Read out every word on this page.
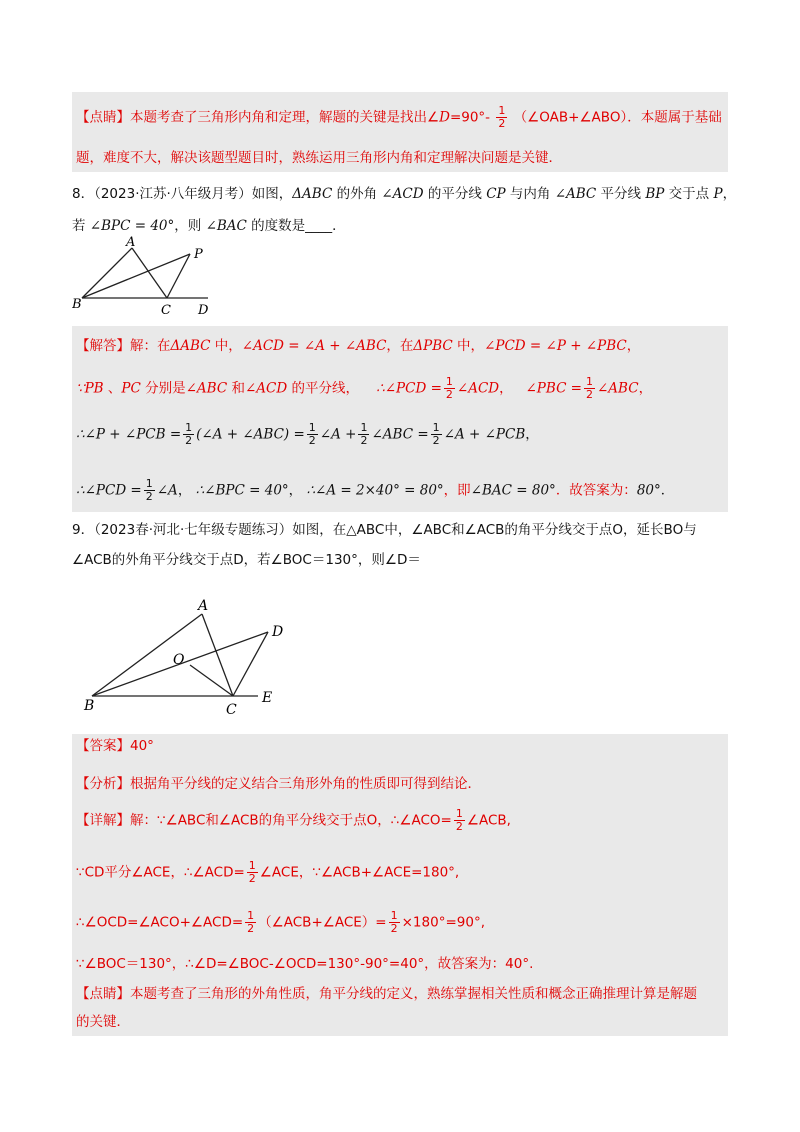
【点睛】本题考查了三角形内角和定理，解题的关键是找出∠D=90°- $\frac{1}{2}$ （∠OAB+∠ABO）．本题属于基础
题，难度不大，解决该题型题目时，熟练运用三角形内角和定理解决问题是关键．
8．（2023·江苏·八年级月考）如图，ΔABC 的外角 ∠ACD 的平分线 CP 与内角 ∠ABC 平分线 BP 交于点 P，
若 ∠BPC = 40°，则 ∠BAC 的度数是____．
A
P
B	C D
【解答】解：在ΔABC 中，∠ACD = ∠A + ∠ABC，在ΔPBC 中，∠PCD = ∠P + ∠PBC，
∵PB 、PC 分别是∠ABC 和∠ACD 的平分线， ∴∠PCD = $\frac{1}{2}$ ∠ACD， ∠PBC = $\frac{1}{2}$ ∠ABC，
∴∠P + ∠PCB = $\frac{1}{2}$ (∠A + ∠ABC) = $\frac{1}{2}$ ∠A + $\frac{1}{2}$ ∠ABC = $\frac{1}{2}$ ∠A + ∠PCB，
∴∠PCD = $\frac{1}{2}$ ∠A， ∴∠BPC = 40°， ∴∠A = 2×40° = 80°，即∠BAC = 80°．故答案为：80°．
9．（2023春·河北·七年级专题练习）如图，在△ABC中，∠ABC和∠ACB的角平分线交于点O，延长BO与
∠ACB的外角平分线交于点D，若∠BOC＝130°，则∠D＝
A
D
O
B	C
E
【答案】40°
【分析】根据角平分线的定义结合三角形外角的性质即可得到结论．
【详解】解：∵∠ABC和∠ACB的角平分线交于点O，∴∠ACO= $\frac{1}{2}$ ∠ACB,
∵CD平分∠ACE，∴∠ACD= $\frac{1}{2}$ ∠ACE，∵∠ACB+∠ACE=180°,
∴∠OCD=∠ACO+∠ACD= $\frac{1}{2}$ （∠ACB+∠ACE）= $\frac{1}{2} \times 180^\circ=90^\circ$,
∵∠BOC＝130°，∴∠D=∠BOC-∠OCD=130°-90°=40°，故答案为：40°.
【点睛】本题考查了三角形的外角性质，角平分线的定义，熟练掌握相关性质和概念正确推理计算是解题
的关键．
